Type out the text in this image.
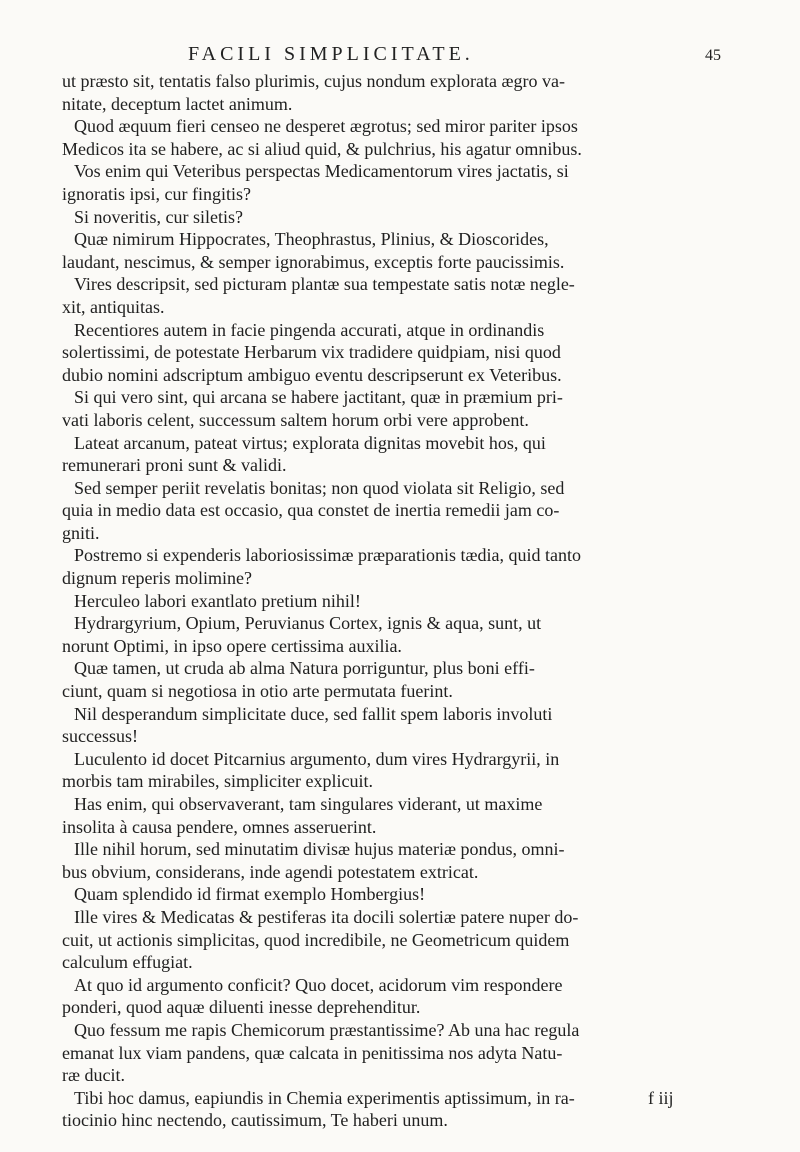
FACILI SIMPLICITATE.	45
ut præsto sit, tentatis falso plurimis, cujus nondum explorata ægro va-
nitate, deceptum lactet animum.
Quod æquum fieri censeo ne desperet ægrotus; sed miror pariter ipsos
Medicos ita se habere, ac si aliud quid, & pulchrius, his agatur omnibus.
Vos enim qui Veteribus perspectas Medicamentorum vires jactatis, si
ignoratis ipsi, cur fingitis?
Si noveritis, cur siletis?
Quæ nimirum Hippocrates, Theophrastus, Plinius, & Dioscorides,
laudant, nescimus, & semper ignorabimus, exceptis forte paucissimis.
Vires descripsit, sed picturam plantæ sua tempestate satis notæ negle-
xit, antiquitas.
Recentiores autem in facie pingenda accurati, atque in ordinandis
solertissimi, de potestate Herbarum vix tradidere quidpiam, nisi quod
dubio nomini adscriptum ambiguo eventu descripserunt ex Veteribus.
Si qui vero sint, qui arcana se habere jactitant, quæ in præmium pri-
vati laboris celent, successum saltem horum orbi vere approbent.
Lateat arcanum, pateat virtus; explorata dignitas movebit hos, qui
remunerari proni sunt & validi.
Sed semper periit revelatis bonitas; non quod violata sit Religio, sed
quia in medio data est occasio, qua constet de inertia remedii jam co-
gniti.
Postremo si expenderis laboriosissimæ præparationis tædia, quid tanto
dignum reperis molimine?
Herculeo labori exantlato pretium nihil!
Hydrargyrium, Opium, Peruvianus Cortex, ignis & aqua, sunt, ut
norunt Optimi, in ipso opere certissima auxilia.
Quæ tamen, ut cruda ab alma Natura porriguntur, plus boni effi-
ciunt, quam si negotiosa in otio arte permutata fuerint.
Nil desperandum simplicitate duce, sed fallit spem laboris involuti
successus!
Luculento id docet Pitcarnius argumento, dum vires Hydrargyrii, in
morbis tam mirabiles, simpliciter explicuit.
Has enim, qui observaverant, tam singulares viderant, ut maxime
insolita à causa pendere, omnes asseruerint.
Ille nihil horum, sed minutatim divisæ hujus materiæ pondus, omni-
bus obvium, considerans, inde agendi potestatem extricat.
Quam splendido id firmat exemplo Hombergius!
Ille vires & Medicatas & pestiferas ita docili solertiæ patere nuper do-
cuit, ut actionis simplicitas, quod incredibile, ne Geometricum quidem
calculum effugiat.
At quo id argumento conficit? Quo docet, acidorum vim respondere
ponderi, quod aquæ diluenti inesse deprehenditur.
Quo fessum me rapis Chemicorum præstantissime? Ab una hac regula
emanat lux viam pandens, quæ calcata in penitissima nos adyta Natu-
ræ ducit.
Tibi hoc damus, eapiundis in Chemia experimentis aptissimum, in ra-
tiocinio hinc nectendo, cautissimum, Te haberi unum.
f iij
